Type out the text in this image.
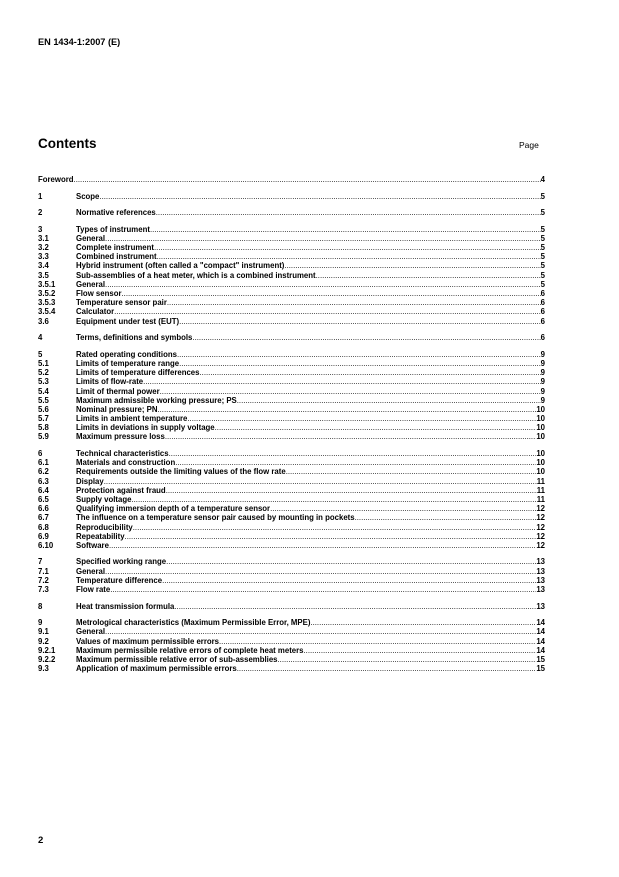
EN 1434-1:2007 (E)
Contents	Page
Foreword .....	4
1	Scope .....	5
2	Normative references .....	5
3	Types of instrument .....	5
3.1	General .....	5
3.2	Complete instrument .....	5
3.3	Combined instrument .....	5
3.4	Hybrid instrument (often called a "compact" instrument) .....	5
3.5	Sub-assemblies of a heat meter, which is a combined instrument .....	5
3.5.1	General .....	5
3.5.2	Flow sensor .....	6
3.5.3	Temperature sensor pair .....	6
3.5.4	Calculator .....	6
3.6	Equipment under test (EUT) .....	6
4	Terms, definitions and symbols .....	6
5	Rated operating conditions .....	9
5.1	Limits of temperature range .....	9
5.2	Limits of temperature differences .....	9
5.3	Limits of flow-rate .....	9
5.4	Limit of thermal power .....	9
5.5	Maximum admissible working pressure; PS .....	9
5.6	Nominal pressure; PN .....	10
5.7	Limits in ambient temperature .....	10
5.8	Limits in deviations in supply voltage .....	10
5.9	Maximum pressure loss .....	10
6	Technical characteristics .....	10
6.1	Materials and construction .....	10
6.2	Requirements outside the limiting values of the flow rate .....	10
6.3	Display .....	11
6.4	Protection against fraud .....	11
6.5	Supply voltage .....	11
6.6	Qualifying immersion depth of a temperature sensor .....	12
6.7	The influence on a temperature sensor pair caused by mounting in pockets .....	12
6.8	Reproducibility .....	12
6.9	Repeatability .....	12
6.10	Software .....	12
7	Specified working range .....	13
7.1	General .....	13
7.2	Temperature difference .....	13
7.3	Flow rate .....	13
8	Heat transmission formula .....	13
9	Metrological characteristics (Maximum Permissible Error, MPE) .....	14
9.1	General .....	14
9.2	Values of maximum permissible errors .....	14
9.2.1	Maximum permissible relative errors of complete heat meters .....	14
9.2.2	Maximum permissible relative error of sub-assemblies .....	15
9.3	Application of maximum permissible errors .....	15
2
